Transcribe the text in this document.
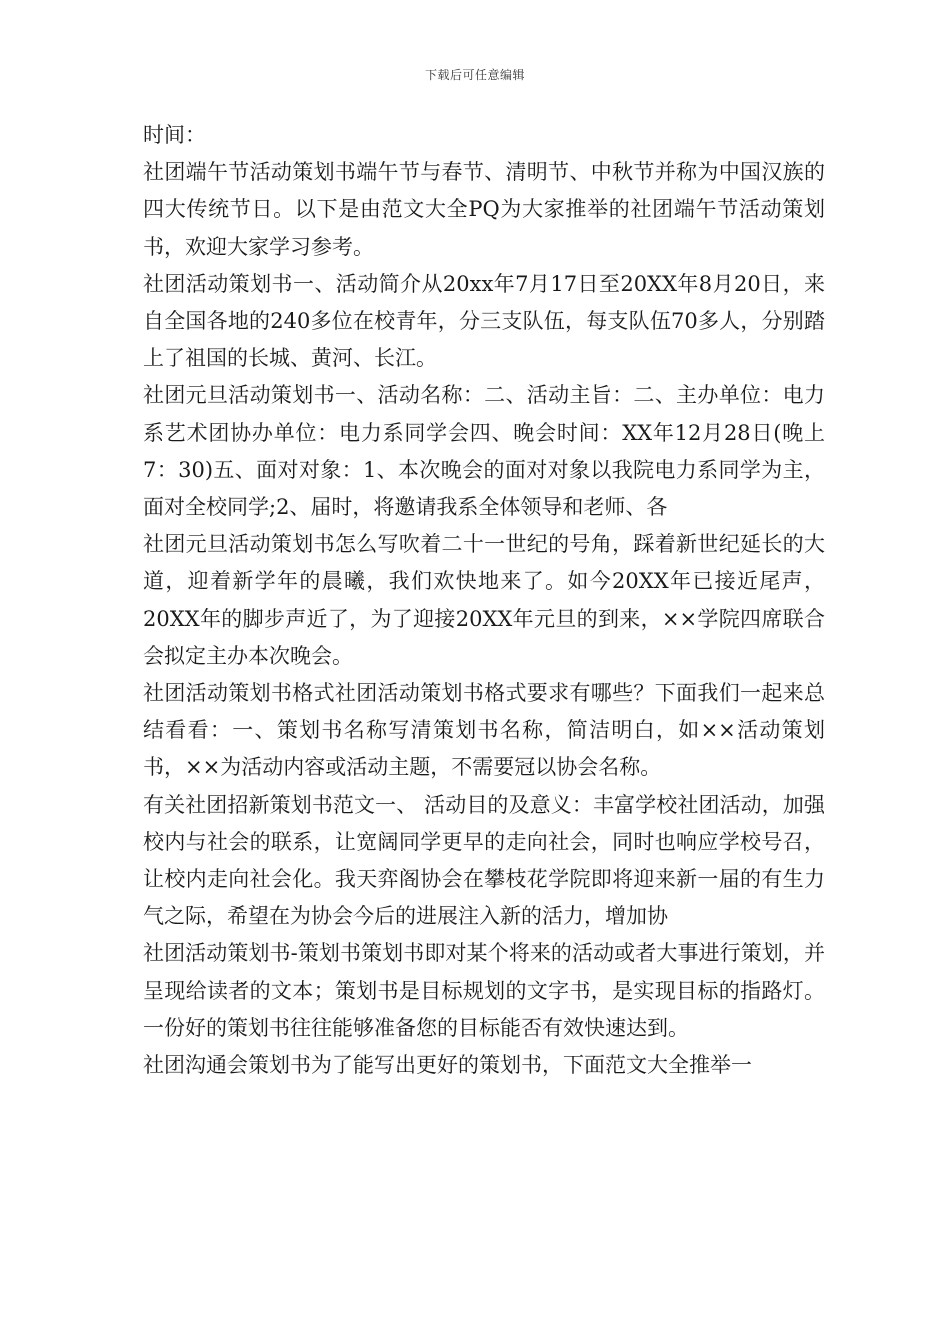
下载后可任意编辑

时间：

社团端午节活动策划书端午节与春节、清明节、中秋节并称为中国汉族的四大传统节日。以下是由范文大全PQ为大家推举的社团端午节活动策划书，欢迎大家学习参考。

社团活动策划书一、活动简介从20xx年7月17日至20XX年8月20日，来自全国各地的240多位在校青年，分三支队伍，每支队伍70多人，分别踏上了祖国的长城、黄河、长江。

社团元旦活动策划书一、活动名称：二、活动主旨：二、主办单位：电力系艺术团协办单位：电力系同学会四、晚会时间：XX年12月28日(晚上7：30)五、面对对象：1、本次晚会的面对对象以我院电力系同学为主，面对全校同学;2、届时，将邀请我系全体领导和老师、各

社团元旦活动策划书怎么写吹着二十一世纪的号角，踩着新世纪延长的大道，迎着新学年的晨曦，我们欢快地来了。如今20XX年已接近尾声，20XX年的脚步声近了，为了迎接20XX年元旦的到来，××学院四席联合会拟定主办本次晚会。

社团活动策划书格式社团活动策划书格式要求有哪些？下面我们一起来总结看看：一、策划书名称写清策划书名称，简洁明白，如××活动策划书，××为活动内容或活动主题，不需要冠以协会名称。

有关社团招新策划书范文一、 活动目的及意义：丰富学校社团活动，加强校内与社会的联系，让宽阔同学更早的走向社会，同时也响应学校号召，让校内走向社会化。我天弈阁协会在攀枝花学院即将迎来新一届的有生力气之际，希望在为协会今后的进展注入新的活力，增加协

社团活动策划书-策划书策划书即对某个将来的活动或者大事进行策划，并呈现给读者的文本；策划书是目标规划的文字书，是实现目标的指路灯。一份好的策划书往往能够准备您的目标能否有效快速达到。

社团沟通会策划书为了能写出更好的策划书，下面范文大全推举一
